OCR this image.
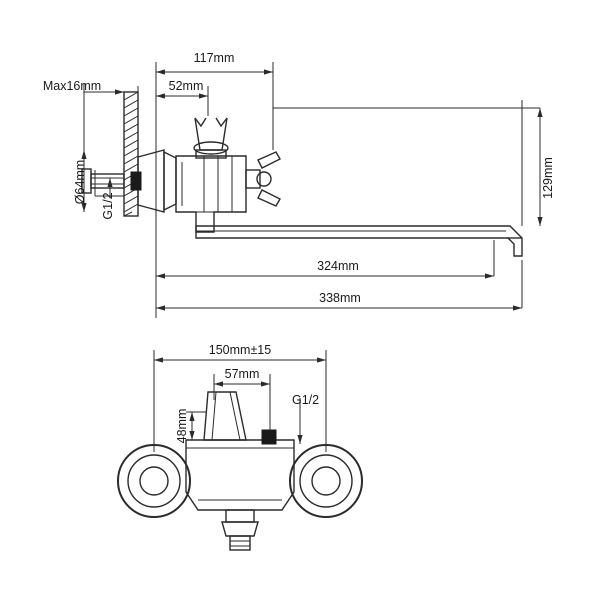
117mm
52mm
Max16mm
Ø64mm
G1/2
129mm
324mm
338mm
150mm±15
57mm
G1/2
48mm
